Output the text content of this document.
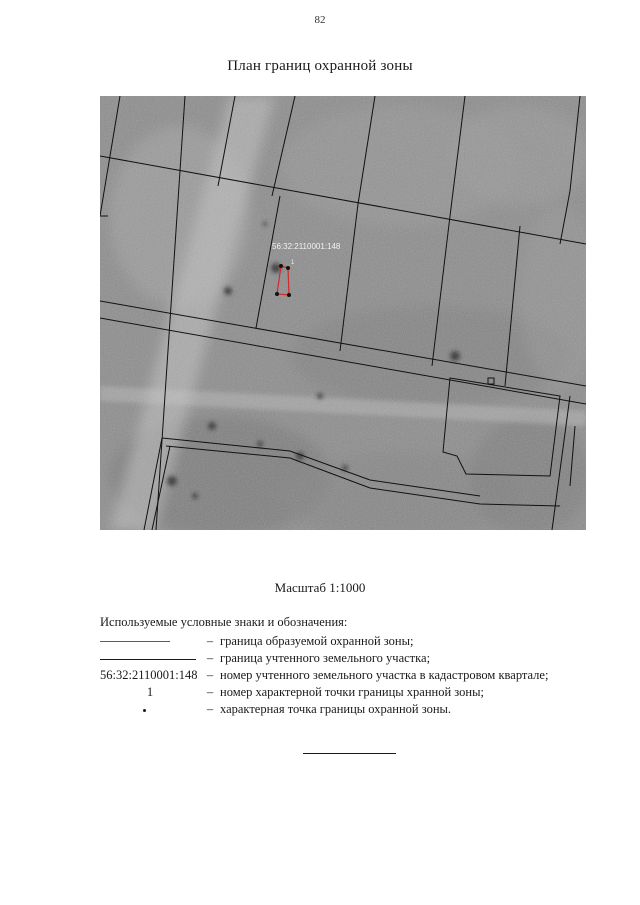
82
План границ охранной зоны
56:32:2110001:148
1
Масштаб 1:1000
Используемые условные знаки и обозначения:
– граница образуемой охранной зоны;
– граница учтенного земельного участка;
56:32:2110001:148 – номер учтенного земельного участка в кадастровом квартале;
1	– номер характерной точки границы хранной зоны;
– характерная точка границы охранной зоны.
